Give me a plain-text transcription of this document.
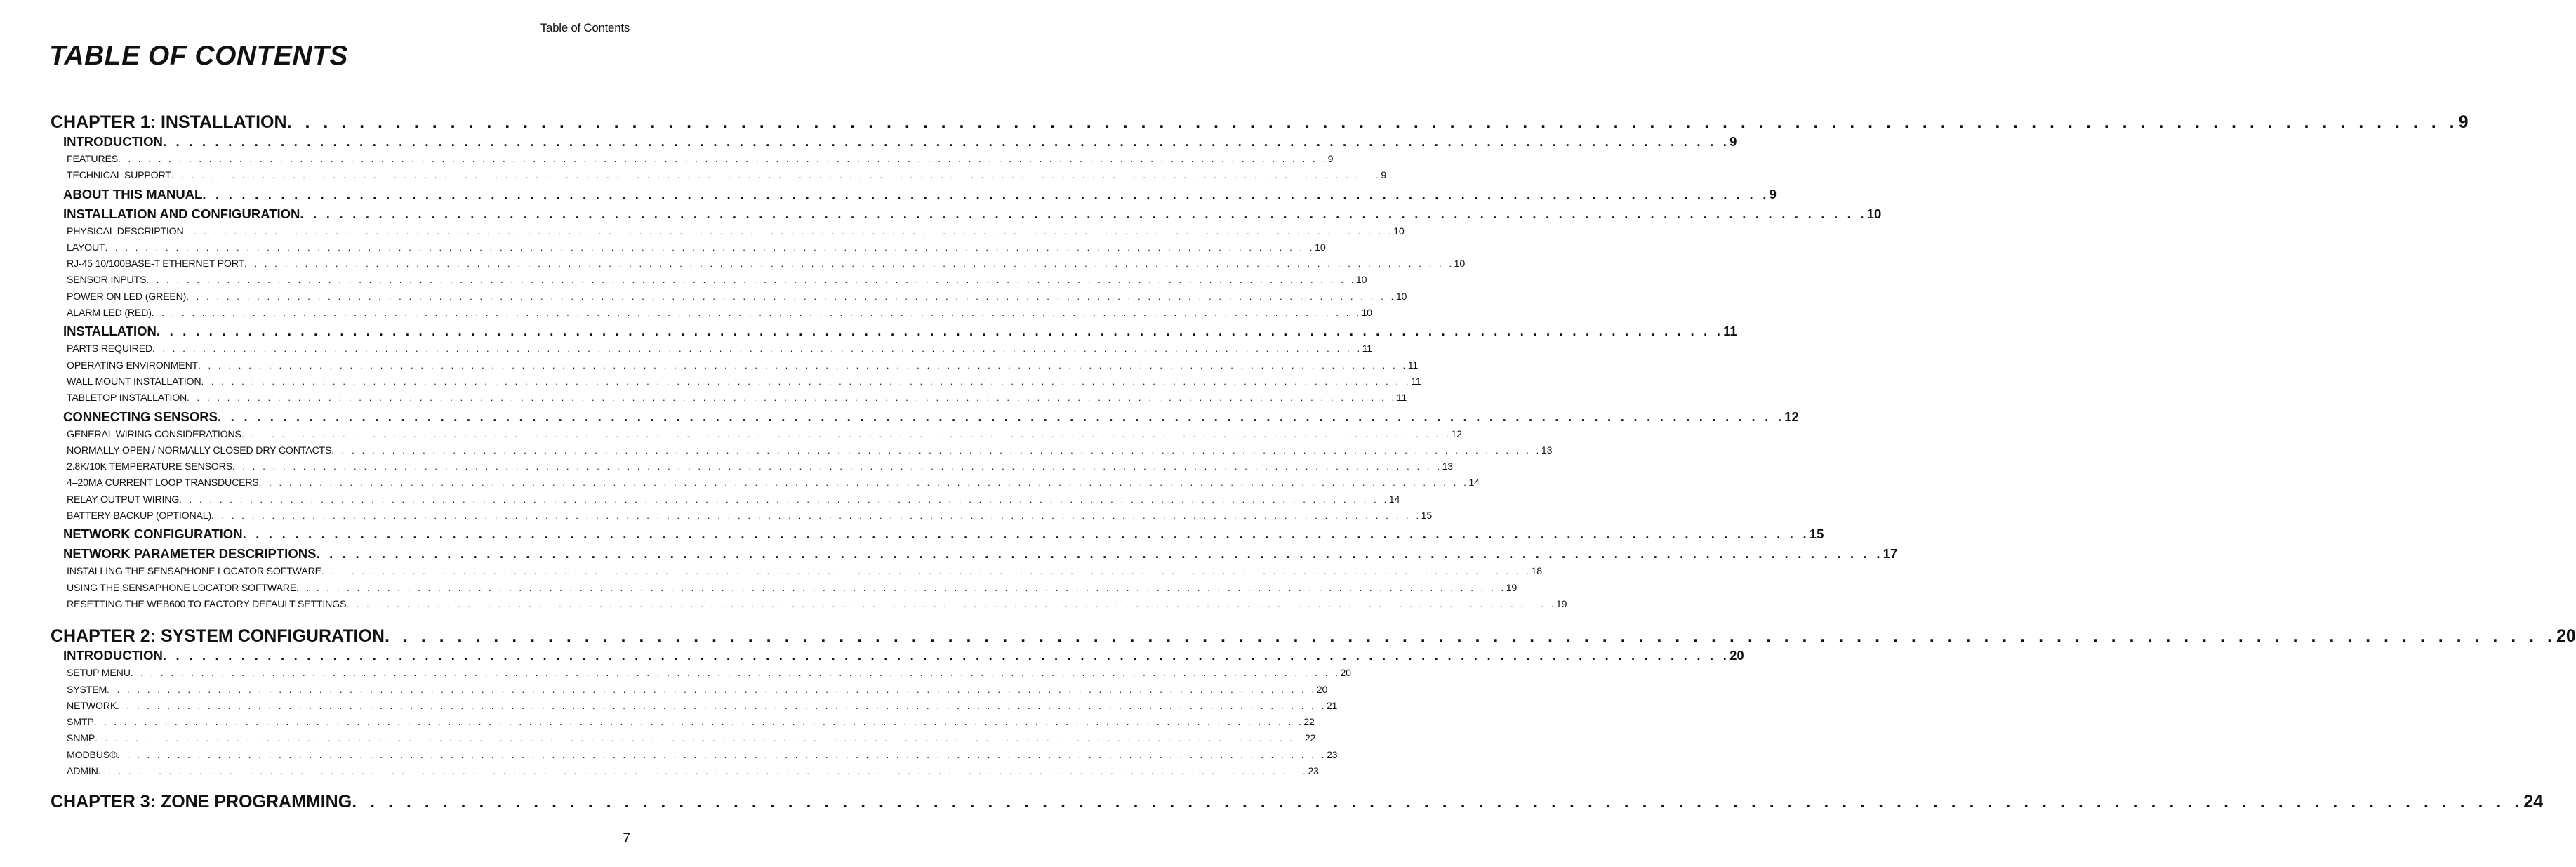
Table of Contents
TABLE OF CONTENTS
CHAPTER 1: INSTALLATION . . . . . . . . . . . . . . . . . . . . . . . . . . . . . . . . . . . . . . . . . . . . . . . . . . . . . . . . . . . . . . . . . . . . . . . . . . . . . . . . . . . . . . . . . . . . . . . . . . . . . . . . . . . . . . . . . . . . . . . . 9
INTRODUCTION . . . . . . . . . . . . . . . . . . . . . . . . . . . . . . . . . . . . . . . . . . . . . . . . . . . . . . . . . . . . . . . . . . . . . . . . . . . . . . . . . . . . . . . . . . . . . . . . . . . . . . . . . . . . . . . . . . . . . . . . 9
FEATURES . . . . . . . . . . . . . . . . . . . . . . . . . . . . . . . . . . . . . . . . . . . . . . . . . . . . . . . . . . . . . . . . . . . . . . . . . . . . . . . . . . . . . . . . . . . . . . . . . . . . . . . . . . . . . . . . . . . . . . . . 9
TECHNICAL SUPPORT . . . . . . . . . . . . . . . . . . . . . . . . . . . . . . . . . . . . . . . . . . . . . . . . . . . . . . . . . . . . . . . . . . . . . . . . . . . . . . . . . . . . . . . . . . . . . . . . . . . . . . . . . . . . . . . . . . . . . . . . 9
ABOUT THIS MANUAL . . . . . . . . . . . . . . . . . . . . . . . . . . . . . . . . . . . . . . . . . . . . . . . . . . . . . . . . . . . . . . . . . . . . . . . . . . . . . . . . . . . . . . . . . . . . . . . . . . . . . . . . . . . . . . . . . . . . . . . . 9
INSTALLATION AND CONFIGURATION . . . . . . . . . . . . . . . . . . . . . . . . . . . . . . . . . . . . . . . . . . . . . . . . . . . . . . . . . . . . . . . . . . . . . . . . . . . . . . . . . . . . . . . . . . . . . . . . . . . . . . . . . . . . . . . . . . . . . . . . 10
PHYSICAL DESCRIPTION . . . . . . . . . . . . . . . . . . . . . . . . . . . . . . . . . . . . . . . . . . . . . . . . . . . . . . . . . . . . . . . . . . . . . . . . . . . . . . . . . . . . . . . . . . . . . . . . . . . . . . . . . . . . . . . . . . . . . . . . 10
LAYOUT . . . . . . . . . . . . . . . . . . . . . . . . . . . . . . . . . . . . . . . . . . . . . . . . . . . . . . . . . . . . . . . . . . . . . . . . . . . . . . . . . . . . . . . . . . . . . . . . . . . . . . . . . . . . . . . . . . . . . . . . 10
RJ-45 10/100BASE-T ETHERNET PORT . . . . . . . . . . . . . . . . . . . . . . . . . . . . . . . . . . . . . . . . . . . . . . . . . . . . . . . . . . . . . . . . . . . . . . . . . . . . . . . . . . . . . . . . . . . . . . . . . . . . . . . . . . . . . . . . . . . . . . . . 10
SENSOR INPUTS . . . . . . . . . . . . . . . . . . . . . . . . . . . . . . . . . . . . . . . . . . . . . . . . . . . . . . . . . . . . . . . . . . . . . . . . . . . . . . . . . . . . . . . . . . . . . . . . . . . . . . . . . . . . . . . . . . . . . . . . 10
POWER ON LED (GREEN) . . . . . . . . . . . . . . . . . . . . . . . . . . . . . . . . . . . . . . . . . . . . . . . . . . . . . . . . . . . . . . . . . . . . . . . . . . . . . . . . . . . . . . . . . . . . . . . . . . . . . . . . . . . . . . . . . . . . . . . . 10
ALARM LED (RED) . . . . . . . . . . . . . . . . . . . . . . . . . . . . . . . . . . . . . . . . . . . . . . . . . . . . . . . . . . . . . . . . . . . . . . . . . . . . . . . . . . . . . . . . . . . . . . . . . . . . . . . . . . . . . . . . . . . . . . . . 10
INSTALLATION . . . . . . . . . . . . . . . . . . . . . . . . . . . . . . . . . . . . . . . . . . . . . . . . . . . . . . . . . . . . . . . . . . . . . . . . . . . . . . . . . . . . . . . . . . . . . . . . . . . . . . . . . . . . . . . . . . . . . . . . 11
PARTS REQUIRED . . . . . . . . . . . . . . . . . . . . . . . . . . . . . . . . . . . . . . . . . . . . . . . . . . . . . . . . . . . . . . . . . . . . . . . . . . . . . . . . . . . . . . . . . . . . . . . . . . . . . . . . . . . . . . . . . . . . . . . . 11
OPERATING ENVIRONMENT . . . . . . . . . . . . . . . . . . . . . . . . . . . . . . . . . . . . . . . . . . . . . . . . . . . . . . . . . . . . . . . . . . . . . . . . . . . . . . . . . . . . . . . . . . . . . . . . . . . . . . . . . . . . . . . . . . . . . . . . 11
WALL MOUNT INSTALLATION . . . . . . . . . . . . . . . . . . . . . . . . . . . . . . . . . . . . . . . . . . . . . . . . . . . . . . . . . . . . . . . . . . . . . . . . . . . . . . . . . . . . . . . . . . . . . . . . . . . . . . . . . . . . . . . . . . . . . . . . 11
TABLETOP INSTALLATION . . . . . . . . . . . . . . . . . . . . . . . . . . . . . . . . . . . . . . . . . . . . . . . . . . . . . . . . . . . . . . . . . . . . . . . . . . . . . . . . . . . . . . . . . . . . . . . . . . . . . . . . . . . . . . . . . . . . . . . . 11
CONNECTING SENSORS . . . . . . . . . . . . . . . . . . . . . . . . . . . . . . . . . . . . . . . . . . . . . . . . . . . . . . . . . . . . . . . . . . . . . . . . . . . . . . . . . . . . . . . . . . . . . . . . . . . . . . . . . . . . . . . . . . . . . . . . 12
GENERAL WIRING CONSIDERATIONS . . . . . . . . . . . . . . . . . . . . . . . . . . . . . . . . . . . . . . . . . . . . . . . . . . . . . . . . . . . . . . . . . . . . . . . . . . . . . . . . . . . . . . . . . . . . . . . . . . . . . . . . . . . . . . . . . . . . . . . . 12
NORMALLY OPEN / NORMALLY CLOSED DRY CONTACTS . . . . . . . . . . . . . . . . . . . . . . . . . . . . . . . . . . . . . . . . . . . . . . . . . . . . . . . . . . . . . . . . . . . . . . . . . . . . . . . . . . . . . . . . . . . . . . . . . . . . . . . . . . . . . . . . . . . . . . . . 13
2.8K/10K TEMPERATURE SENSORS . . . . . . . . . . . . . . . . . . . . . . . . . . . . . . . . . . . . . . . . . . . . . . . . . . . . . . . . . . . . . . . . . . . . . . . . . . . . . . . . . . . . . . . . . . . . . . . . . . . . . . . . . . . . . . . . . . . . . . . . 13
4–20MA CURRENT LOOP TRANSDUCERS . . . . . . . . . . . . . . . . . . . . . . . . . . . . . . . . . . . . . . . . . . . . . . . . . . . . . . . . . . . . . . . . . . . . . . . . . . . . . . . . . . . . . . . . . . . . . . . . . . . . . . . . . . . . . . . . . . . . . . . . 14
RELAY OUTPUT WIRING . . . . . . . . . . . . . . . . . . . . . . . . . . . . . . . . . . . . . . . . . . . . . . . . . . . . . . . . . . . . . . . . . . . . . . . . . . . . . . . . . . . . . . . . . . . . . . . . . . . . . . . . . . . . . . . . . . . . . . . . 14
BATTERY BACKUP (OPTIONAL) . . . . . . . . . . . . . . . . . . . . . . . . . . . . . . . . . . . . . . . . . . . . . . . . . . . . . . . . . . . . . . . . . . . . . . . . . . . . . . . . . . . . . . . . . . . . . . . . . . . . . . . . . . . . . . . . . . . . . . . . 15
NETWORK CONFIGURATION . . . . . . . . . . . . . . . . . . . . . . . . . . . . . . . . . . . . . . . . . . . . . . . . . . . . . . . . . . . . . . . . . . . . . . . . . . . . . . . . . . . . . . . . . . . . . . . . . . . . . . . . . . . . . . . . . . . . . . . . 15
NETWORK PARAMETER DESCRIPTIONS . . . . . . . . . . . . . . . . . . . . . . . . . . . . . . . . . . . . . . . . . . . . . . . . . . . . . . . . . . . . . . . . . . . . . . . . . . . . . . . . . . . . . . . . . . . . . . . . . . . . . . . . . . . . . . . . . . . . . . . . 17
INSTALLING THE SENSAPHONE LOCATOR SOFTWARE . . . . . . . . . . . . . . . . . . . . . . . . . . . . . . . . . . . . . . . . . . . . . . . . . . . . . . . . . . . . . . . . . . . . . . . . . . . . . . . . . . . . . . . . . . . . . . . . . . . . . . . . . . . . . . . . . . . . . . . . 18
USING THE SENSAPHONE LOCATOR SOFTWARE . . . . . . . . . . . . . . . . . . . . . . . . . . . . . . . . . . . . . . . . . . . . . . . . . . . . . . . . . . . . . . . . . . . . . . . . . . . . . . . . . . . . . . . . . . . . . . . . . . . . . . . . . . . . . . . . . . . . . . . . 19
RESETTING THE WEB600 TO FACTORY DEFAULT SETTINGS . . . . . . . . . . . . . . . . . . . . . . . . . . . . . . . . . . . . . . . . . . . . . . . . . . . . . . . . . . . . . . . . . . . . . . . . . . . . . . . . . . . . . . . . . . . . . . . . . . . . . . . . . . . . . . . . . . . . . . . . 19
CHAPTER 2: SYSTEM CONFIGURATION . . . . . . . . . . . . . . . . . . . . . . . . . . . . . . . . . . . . . . . . . . . . . . . . . . . . . . . . . . . . . . . . . . . . . . . . . . . . . . . . . . . . . . . . . . . . . . . . . . . . . . . . . . . . . . . . . . . . . . . . 20
INTRODUCTION . . . . . . . . . . . . . . . . . . . . . . . . . . . . . . . . . . . . . . . . . . . . . . . . . . . . . . . . . . . . . . . . . . . . . . . . . . . . . . . . . . . . . . . . . . . . . . . . . . . . . . . . . . . . . . . . . . . . . . . . 20
SETUP MENU . . . . . . . . . . . . . . . . . . . . . . . . . . . . . . . . . . . . . . . . . . . . . . . . . . . . . . . . . . . . . . . . . . . . . . . . . . . . . . . . . . . . . . . . . . . . . . . . . . . . . . . . . . . . . . . . . . . . . . . . 20
SYSTEM . . . . . . . . . . . . . . . . . . . . . . . . . . . . . . . . . . . . . . . . . . . . . . . . . . . . . . . . . . . . . . . . . . . . . . . . . . . . . . . . . . . . . . . . . . . . . . . . . . . . . . . . . . . . . . . . . . . . . . . . 20
NETWORK . . . . . . . . . . . . . . . . . . . . . . . . . . . . . . . . . . . . . . . . . . . . . . . . . . . . . . . . . . . . . . . . . . . . . . . . . . . . . . . . . . . . . . . . . . . . . . . . . . . . . . . . . . . . . . . . . . . . . . . . 21
SMTP . . . . . . . . . . . . . . . . . . . . . . . . . . . . . . . . . . . . . . . . . . . . . . . . . . . . . . . . . . . . . . . . . . . . . . . . . . . . . . . . . . . . . . . . . . . . . . . . . . . . . . . . . . . . . . . . . . . . . . . . 22
SNMP . . . . . . . . . . . . . . . . . . . . . . . . . . . . . . . . . . . . . . . . . . . . . . . . . . . . . . . . . . . . . . . . . . . . . . . . . . . . . . . . . . . . . . . . . . . . . . . . . . . . . . . . . . . . . . . . . . . . . . . . 22
MODBUS® . . . . . . . . . . . . . . . . . . . . . . . . . . . . . . . . . . . . . . . . . . . . . . . . . . . . . . . . . . . . . . . . . . . . . . . . . . . . . . . . . . . . . . . . . . . . . . . . . . . . . . . . . . . . . . . . . . . . . . . . 23
ADMIN . . . . . . . . . . . . . . . . . . . . . . . . . . . . . . . . . . . . . . . . . . . . . . . . . . . . . . . . . . . . . . . . . . . . . . . . . . . . . . . . . . . . . . . . . . . . . . . . . . . . . . . . . . . . . . . . . . . . . . . . 23
CHAPTER 3: ZONE PROGRAMMING . . . . . . . . . . . . . . . . . . . . . . . . . . . . . . . . . . . . . . . . . . . . . . . . . . . . . . . . . . . . . . . . . . . . . . . . . . . . . . . . . . . . . . . . . . . . . . . . . . . . . . . . . . . . . . . . . . . . . . . . 24
7
